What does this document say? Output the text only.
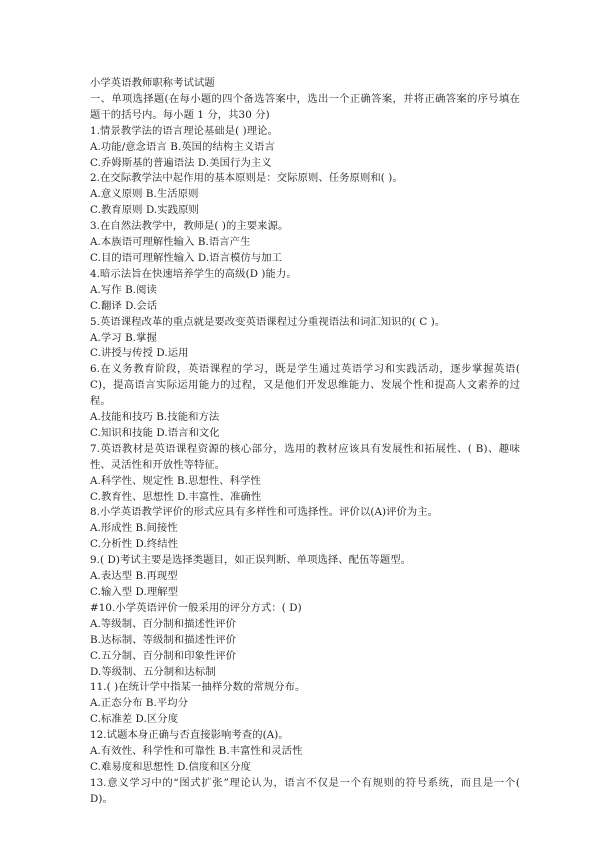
小学英语教师职称考试试题
一、单项选择题(在每小题的四个备选答案中，选出一个正确答案，并将正确答案的序号填在题干的括号内。每小题 1 分，共30 分)
1.情景教学法的语言理论基础是( )理论。
A.功能/意念语言 B.英国的结构主义语言
C.乔姆斯基的普遍语法 D.美国行为主义
2.在交际教学法中起作用的基本原则是：交际原则、任务原则和( )。
A.意义原则 B.生活原则
C.教育原则 D.实践原则
3.在自然法教学中，教师是( )的主要来源。
A.本族语可理解性输入 B.语言产生
C.目的语可理解性输入 D.语言模仿与加工
4.暗示法旨在快速培养学生的高级(D )能力。
A.写作 B.阅读
C.翻译 D.会话
5.英语课程改革的重点就是要改变英语课程过分重视语法和词汇知识的( C )。
A.学习 B.掌握
C.讲授与传授 D.运用
6.在义务教育阶段，英语课程的学习，既是学生通过英语学习和实践活动，逐步掌握英语( C)，提高语言实际运用能力的过程，又是他们开发思维能力、发展个性和提高人文素养的过程。
A.技能和技巧 B.技能和方法
C.知识和技能 D.语言和文化
7.英语教材是英语课程资源的核心部分，选用的教材应该具有发展性和拓展性、( B)、趣味性、灵活性和开放性等特征。
A.科学性、规定性 B.思想性、科学性
C.教育性、思想性 D.丰富性、准确性
8.小学英语教学评价的形式应具有多样性和可选择性。评价以(A)评价为主。
A.形成性 B.间接性
C.分析性 D.终结性
9.( D)考试主要是选择类题目，如正误判断、单项选择、配伍等题型。
A.表达型 B.再现型
C.输入型 D.理解型
#10.小学英语评价一般采用的评分方式：( D)
A.等级制、百分制和描述性评价
B.达标制、等级制和描述性评价
C.五分制、百分制和印象性评价
D.等级制、五分制和达标制
11.( )在统计学中指某一抽样分数的常规分布。
A.正态分布 B.平均分
C.标准差 D.区分度
12.试题本身正确与否直接影响考查的(A)。
A.有效性、科学性和可靠性 B.丰富性和灵活性
C.难易度和思想性 D.信度和区分度
13.意义学习中的“图式扩张”理论认为，语言不仅是一个有规则的符号系统，而且是一个( D)。
